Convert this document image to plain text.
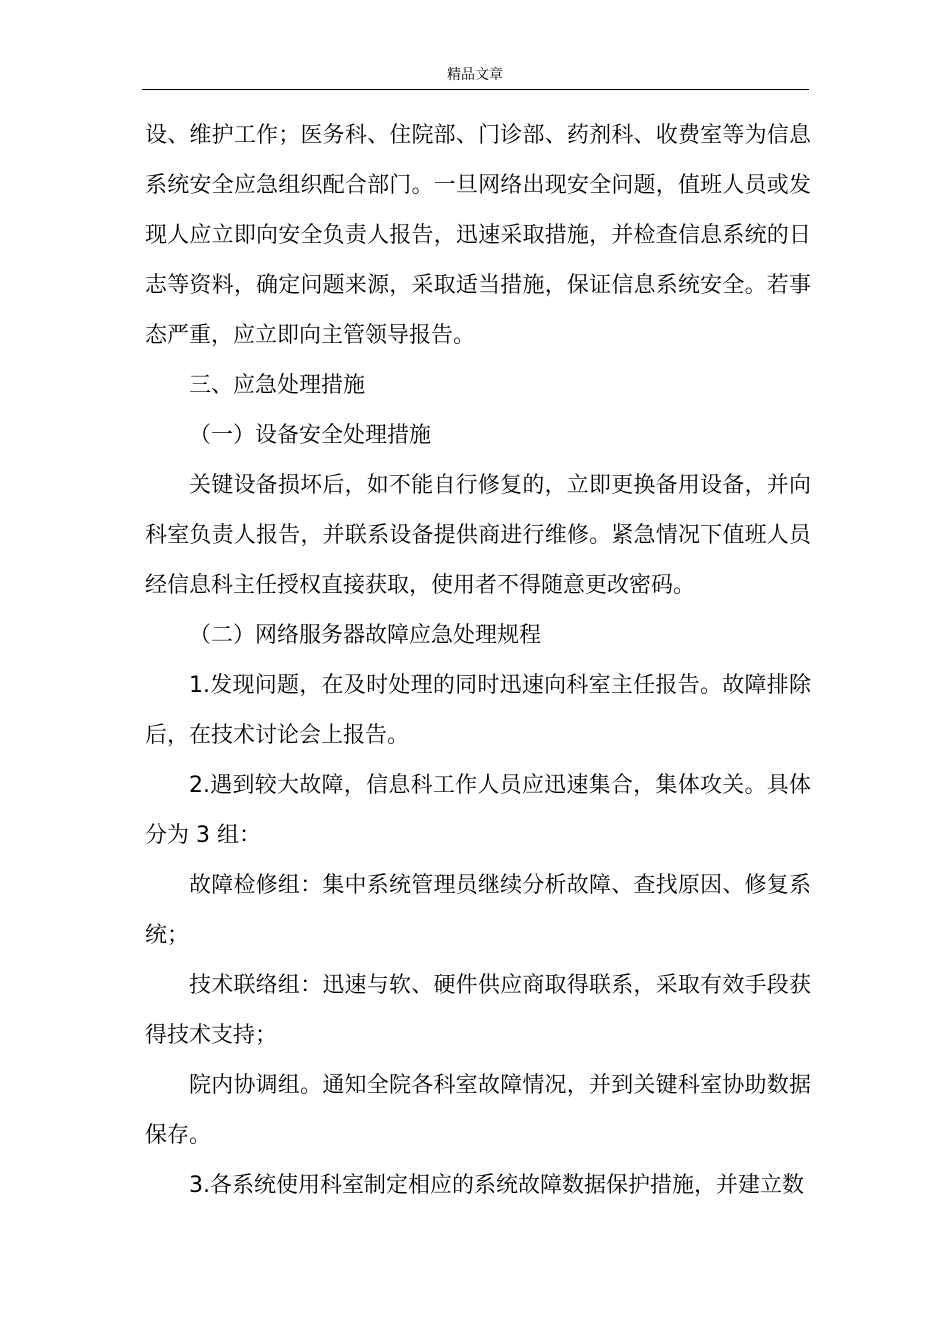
精品文章

设、维护工作；医务科、住院部、门诊部、药剂科、收费室等为信息系统安全应急组织配合部门。一旦网络出现安全问题，值班人员或发现人应立即向安全负责人报告，迅速采取措施，并检查信息系统的日志等资料，确定问题来源，采取适当措施，保证信息系统安全。若事态严重，应立即向主管领导报告。

三、应急处理措施

（一）设备安全处理措施

关键设备损坏后，如不能自行修复的，立即更换备用设备，并向科室负责人报告，并联系设备提供商进行维修。紧急情况下值班人员经信息科主任授权直接获取，使用者不得随意更改密码。

（二）网络服务器故障应急处理规程

1.发现问题，在及时处理的同时迅速向科室主任报告。故障排除后，在技术讨论会上报告。

2.遇到较大故障，信息科工作人员应迅速集合，集体攻关。具体分为 3 组：

故障检修组：集中系统管理员继续分析故障、查找原因、修复系统；

技术联络组：迅速与软、硬件供应商取得联系，采取有效手段获得技术支持；

院内协调组。通知全院各科室故障情况，并到关键科室协助数据保存。

3.各系统使用科室制定相应的系统故障数据保护措施，并建立数
